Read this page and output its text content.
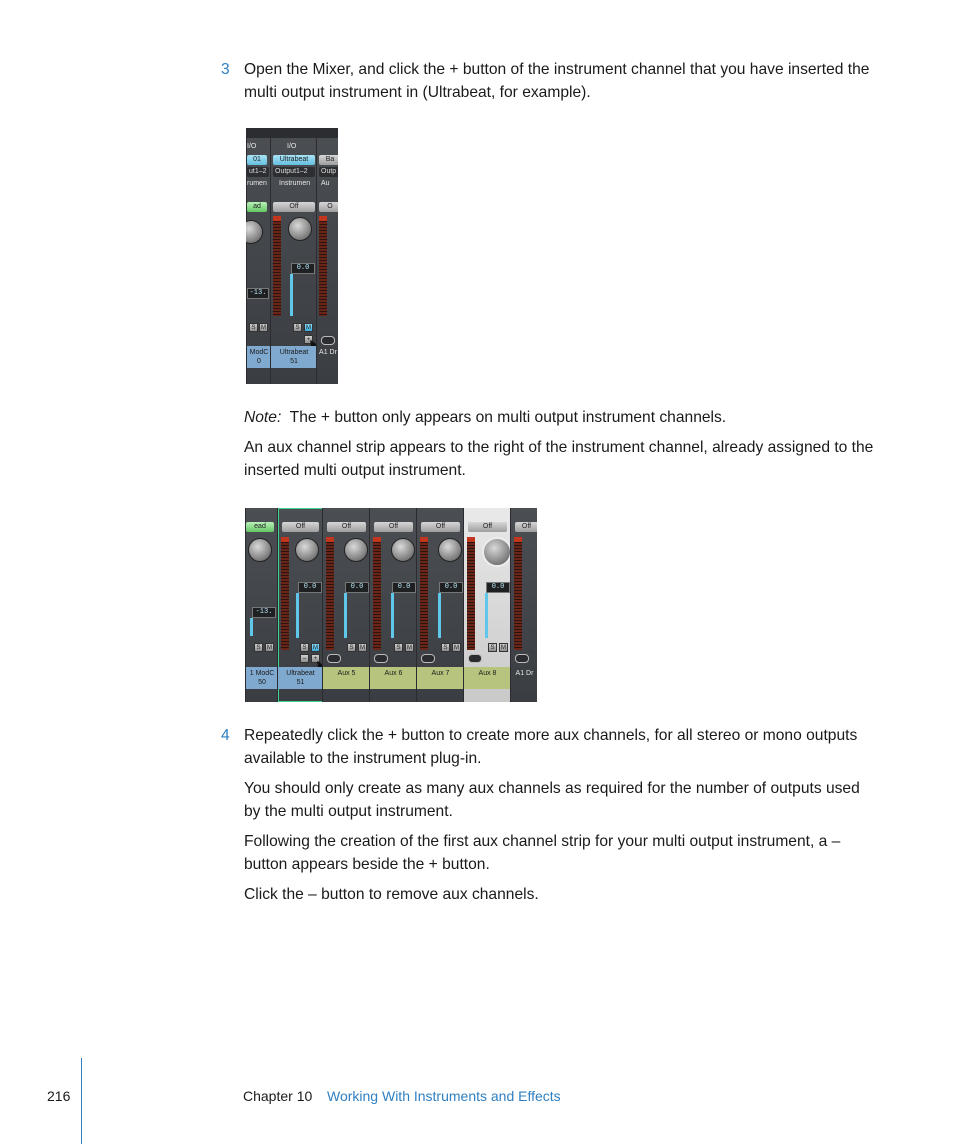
3 Open the Mixer, and click the + button of the instrument channel that you have inserted the multi output instrument in (Ultrabeat, for example).

I/O
01
ut1–2
rumen
ad
-13.
S M
ModC
0
I/O
Ultrabeat
Output1–2
Instrumen
Off
0.0
S	M
+
Ultrabeat
51
Ba
Outp
Au
O
A1 Dr

Note: The + button only appears on multi output instrument channels.

An aux channel strip appears to the right of the instrument channel, already assigned to the inserted multi output instrument.

ead
-13.
S	M
1 ModC
50
Off
0.0
S	M
–	+
Ultrabeat
51
Off
0.0
S	M
Aux 5
Off
0.0
S	M
Aux 6
Off
0.0
S	M
Aux 7
Off
0.0
S	M
Aux 8
Off
A1 Dr
4 Repeatedly click the + button to create more aux channels, for all stereo or mono outputs available to the instrument plug-in.

You should only create as many aux channels as required for the number of outputs used by the multi output instrument.

Following the creation of the first aux channel strip for your multi output instrument, a – button appears beside the + button.

Click the – button to remove aux channels.

216	Chapter 10 Working With Instruments and Effects
